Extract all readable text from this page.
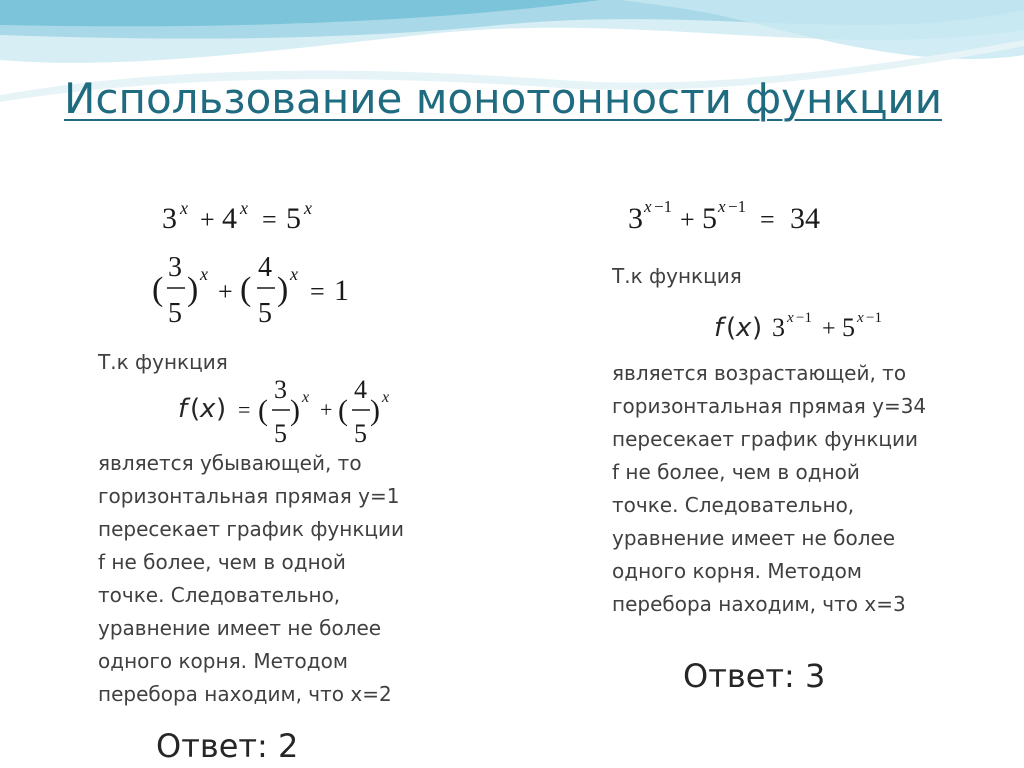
Использование монотонности функции
3 x + 4 x = 5 x
(
3
5
) x
+ (
4
5
) x
= 1
Т.к функция
f ( x ) = (
3
5
) x + (
4
5
) x
является убывающей, то
горизонтальная прямая y=1
пересекает график функции
f не более, чем в одной
точке. Следовательно,
уравнение имеет не более
одного корня. Методом
перебора находим, что x=2
Ответ: 2
3 x −1 + 5 x −1 = 34
Т.к функция
f ( x ) 3 x −1 + 5 x −1
является возрастающей, то
горизонтальная прямая y=34
пересекает график функции
f не более, чем в одной
точке. Следовательно,
уравнение имеет не более
одного корня. Методом
перебора находим, что x=3
Ответ: 3
